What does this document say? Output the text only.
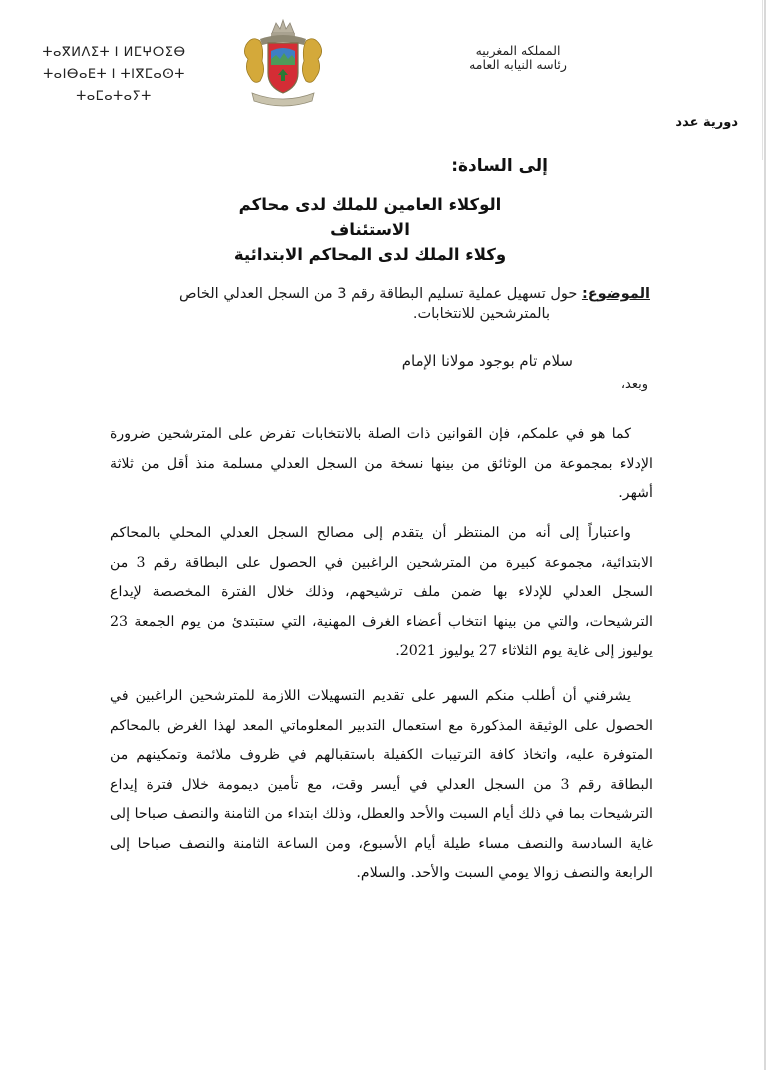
ⵜⴰⴳⵍⴷⵉⵜ ⵏ ⵍⵎⵖⵔⵉⴱ
ⵜⴰⵏⴱⴰⴹⵜ ⵏ ⵜⵏⴳⵎⴰⵙⵜ ⵜⴰⵎⴰⵜⴰⵢⵜ
المملكه المغربيه
رئاسه النيابه العامه
دورية عدد
إلى السادة:
الوكلاء العامين للملك لدى محاكم الاستئناف
وكلاء الملك لدى المحاكم الابتدائية
الموضوع: حول تسهيل عملية تسليم البطاقة رقم 3 من السجل العدلي الخاص
بالمترشحين للانتخابات.
سلام تام بوجود مولانا الإمام
وبعد،

كما هو في علمكم، فإن القوانين ذات الصلة بالانتخابات تفرض على المترشحين ضرورة الإدلاء بمجموعة من الوثائق من بينها نسخة من السجل العدلي مسلمة منذ أقل من ثلاثة أشهر.

واعتباراً إلى أنه من المنتظر أن يتقدم إلى مصالح السجل العدلي المحلي بالمحاكم الابتدائية، مجموعة كبيرة من المترشحين الراغبين في الحصول على البطاقة رقم 3 من السجل العدلي للإدلاء بها ضمن ملف ترشيحهم، وذلك خلال الفترة المخصصة لإيداع الترشيحات، والتي من بينها انتخاب أعضاء الغرف المهنية، التي ستبتدئ من يوم الجمعة 23 يوليوز إلى غاية يوم الثلاثاء 27 يوليوز 2021.

يشرفني أن أطلب منكم السهر على تقديم التسهيلات اللازمة للمترشحين الراغبين في الحصول على الوثيقة المذكورة مع استعمال التدبير المعلوماتي المعد لهذا الغرض بالمحاكم المتوفرة عليه، واتخاذ كافة الترتيبات الكفيلة باستقبالهم في ظروف ملائمة وتمكينهم من البطاقة رقم 3 من السجل العدلي في أيسر وقت، مع تأمين ديمومة خلال فترة إيداع الترشيحات بما في ذلك أيام السبت والأحد والعطل، وذلك ابتداء من الثامنة والنصف صباحا إلى غاية السادسة والنصف مساء طيلة أيام الأسبوع، ومن الساعة الثامنة والنصف صباحا إلى الرابعة والنصف زوالا يومي السبت والأحد. والسلام.
